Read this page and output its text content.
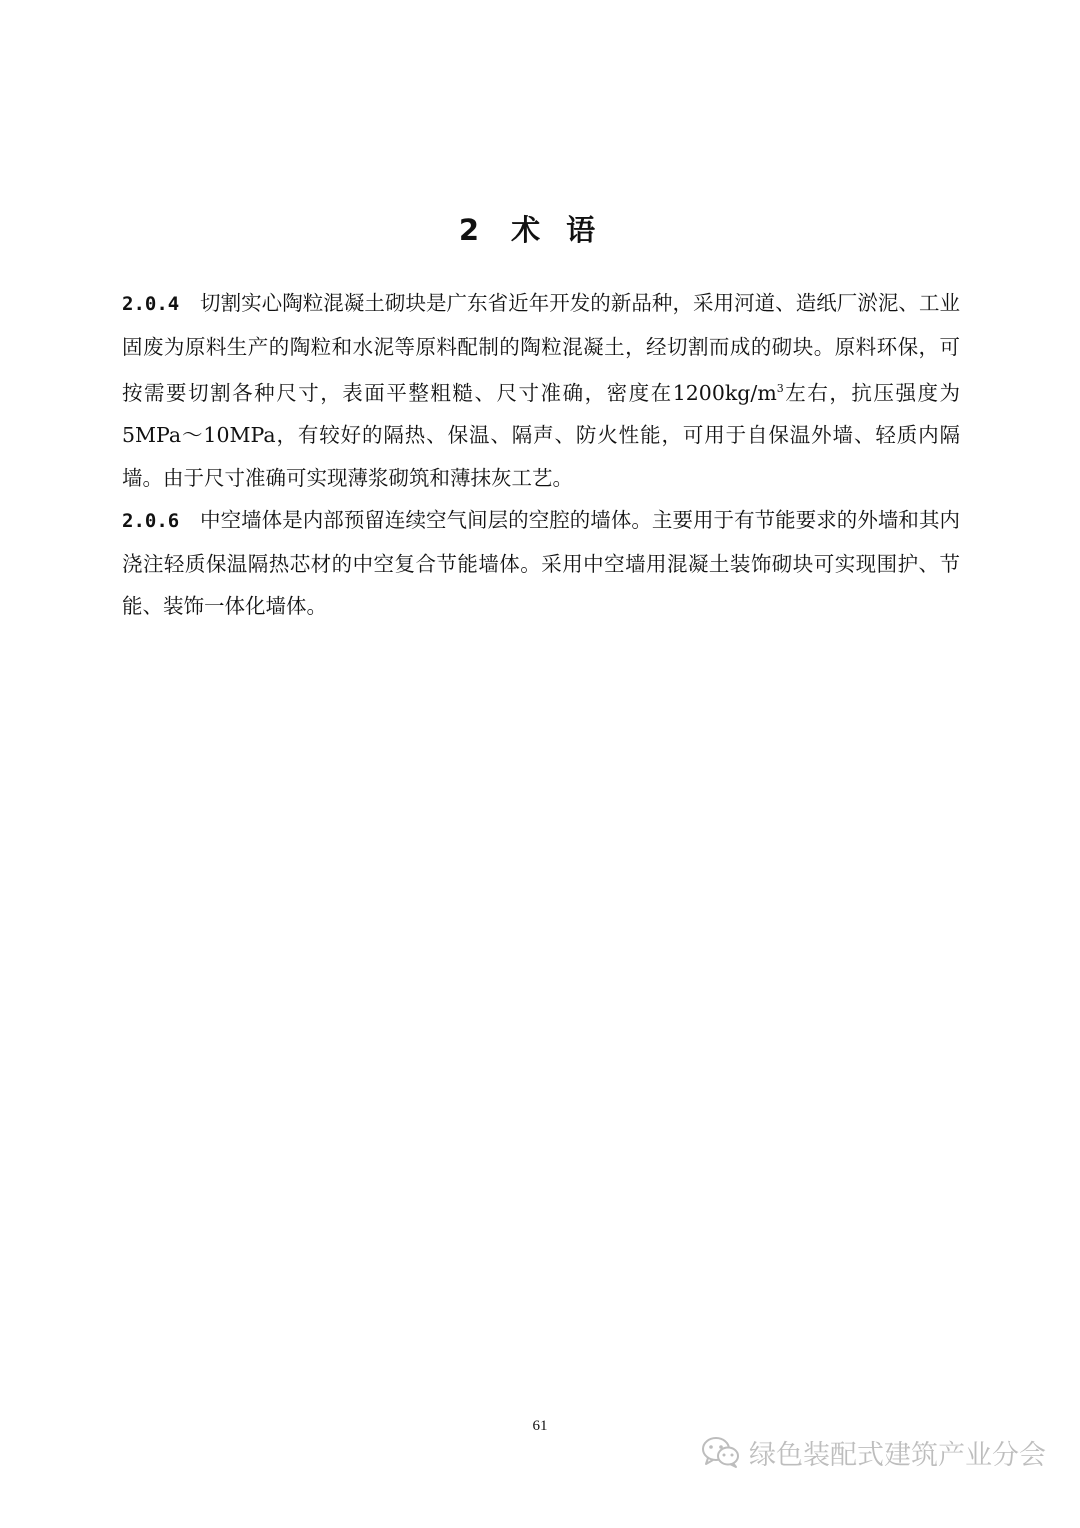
2 术语

2.0.4 切割实心陶粒混凝土砌块是广东省近年开发的新品种，采用河道、造纸厂淤泥、工业固废为原料生产的陶粒和水泥等原料配制的陶粒混凝土，经切割而成的砌块。原料环保，可按需要切割各种尺寸，表面平整粗糙、尺寸准确，密度在$1200kg/m^3$左右，抗压强度为5MPa～10MPa，有较好的隔热、保温、隔声、防火性能，可用于自保温外墙、轻质内隔墙。由于尺寸准确可实现薄浆砌筑和薄抹灰工艺。

2.0.6 中空墙体是内部预留连续空气间层的空腔的墙体。主要用于有节能要求的外墙和其内浇注轻质保温隔热芯材的中空复合节能墙体。采用中空墙用混凝土装饰砌块可实现围护、节能、装饰一体化墙体。

61
绿色装配式建筑产业分会
